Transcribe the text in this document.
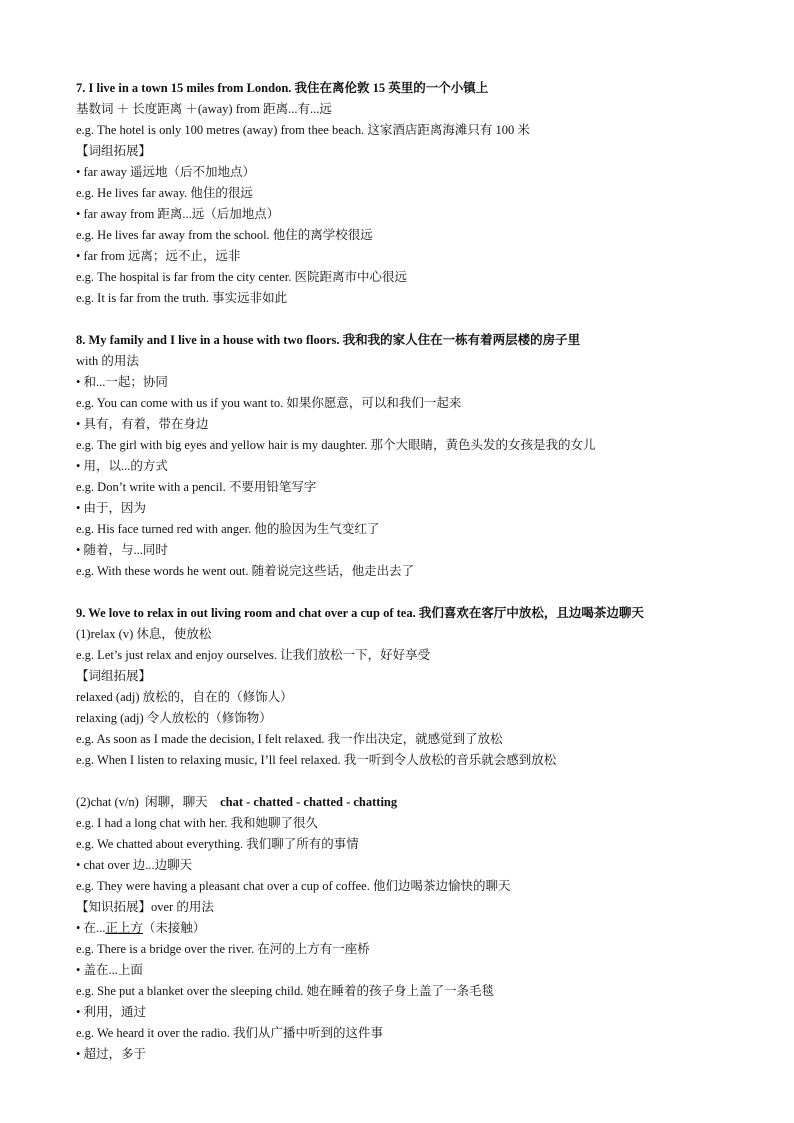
7. I live in a town 15 miles from London. 我住在离伦敦 15 英里的一个小镇上
基数词 ＋ 长度距离 ＋(away) from 距离...有...远
e.g. The hotel is only 100 metres (away) from thee beach. 这家酒店距离海滩只有 100 米
【词组拓展】
• far away 遥远地（后不加地点）
e.g. He lives far away. 他住的很远
• far away from 距离...远（后加地点）
e.g. He lives far away from the school. 他住的离学校很远
• far from 远离；远不止，远非
e.g. The hospital is far from the city center. 医院距离市中心很远
e.g. It is far from the truth. 事实远非如此
8. My family and I live in a house with two floors. 我和我的家人住在一栋有着两层楼的房子里
with 的用法
• 和...一起；协同
e.g. You can come with us if you want to. 如果你愿意，可以和我们一起来
• 具有，有着，带在身边
e.g. The girl with big eyes and yellow hair is my daughter. 那个大眼睛，黄色头发的女孩是我的女儿
• 用，以...的方式
e.g. Don’t write with a pencil. 不要用铅笔写字
• 由于，因为
e.g. His face turned red with anger. 他的脸因为生气变红了
• 随着，与...同时
e.g. With these words he went out. 随着说完这些话，他走出去了
9. We love to relax in out living room and chat over a cup of tea. 我们喜欢在客厅中放松，且边喝茶边聊天
(1)relax (v) 休息，使放松
e.g. Let’s just relax and enjoy ourselves. 让我们放松一下，好好享受
【词组拓展】
relaxed (adj) 放松的，自在的（修饰人）
relaxing (adj) 令人放松的（修饰物）
e.g. As soon as I made the decision, I felt relaxed. 我一作出决定，就感觉到了放松
e.g. When I listen to relaxing music, I’ll feel relaxed. 我一听到令人放松的音乐就会感到放松
(2)chat (v/n)  闲聊，聊天    chat - chatted - chatted - chatting
e.g. I had a long chat with her. 我和她聊了很久
e.g. We chatted about everything. 我们聊了所有的事情
• chat over 边...边聊天
e.g. They were having a pleasant chat over a cup of coffee. 他们边喝茶边愉快的聊天
【知识拓展】over 的用法
• 在...正上方（未接触）
e.g. There is a bridge over the river. 在河的上方有一座桥
• 盖在...上面
e.g. She put a blanket over the sleeping child. 她在睡着的孩子身上盖了一条毛毯
• 利用，通过
e.g. We heard it over the radio. 我们从广播中听到的这件事
• 超过，多于
